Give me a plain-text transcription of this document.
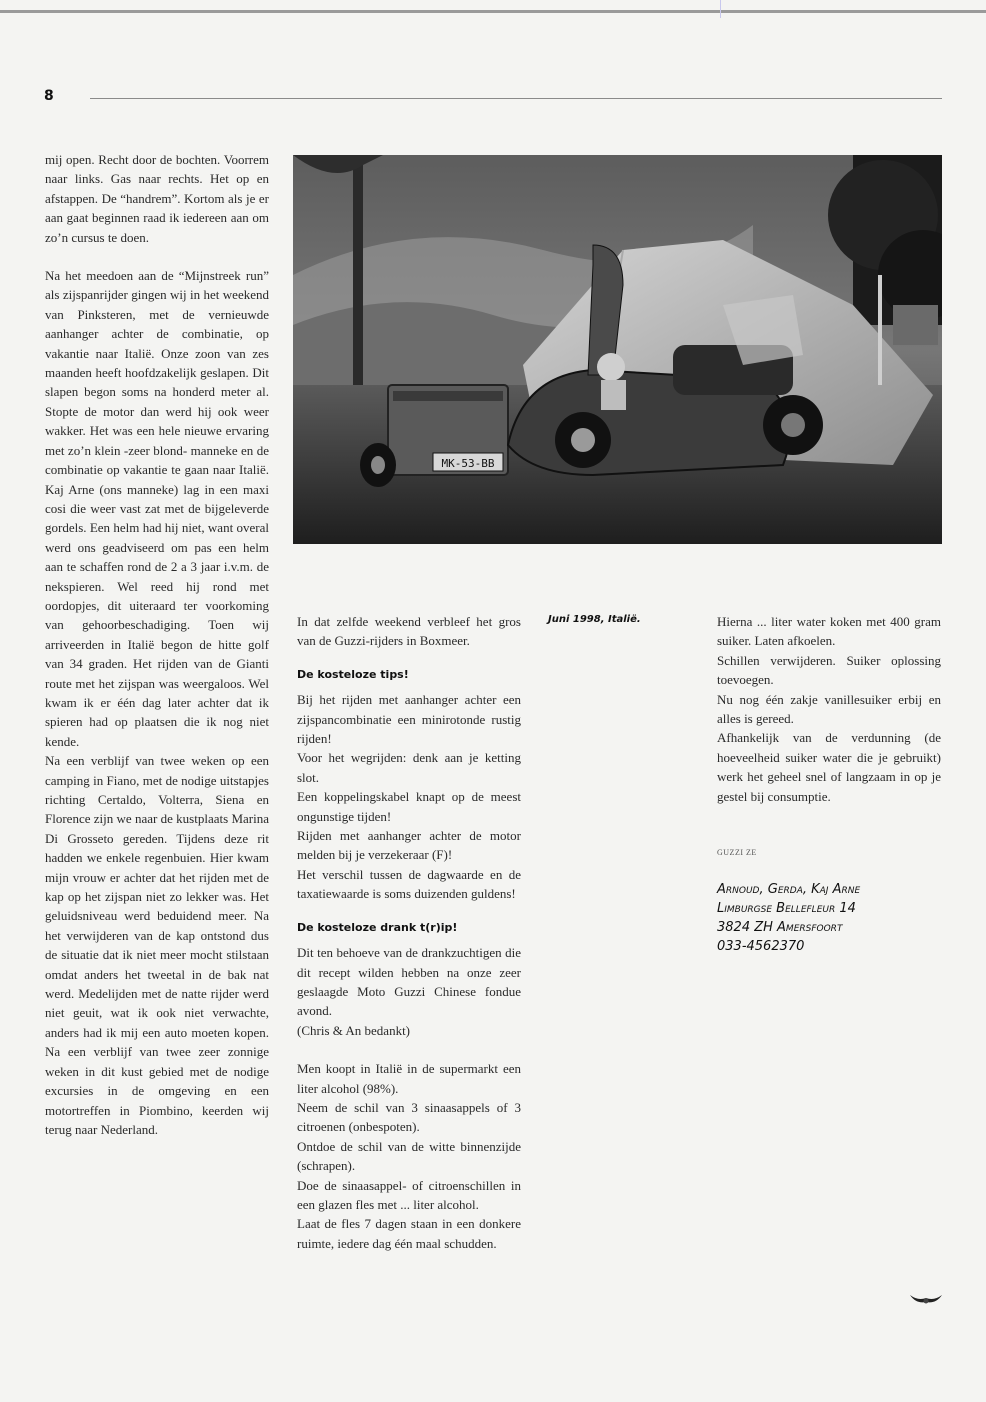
8

mij open. Recht door de bochten. Voorrem naar links. Gas naar rechts. Het op en afstappen. De “handrem”. Kortom als je er aan gaat beginnen raad ik iedereen aan om zo’n cursus te doen.

Na het meedoen aan de “Mijnstreek run” als zijspanrijder gingen wij in het weekend van Pinksteren, met de vernieuwde aanhanger achter de combinatie, op vakantie naar Italië. Onze zoon van zes maanden heeft hoofdzakelijk geslapen. Dit slapen begon soms na honderd meter al. Stopte de motor dan werd hij ook weer wakker. Het was een hele nieuwe ervaring met zo’n klein -zeer blond- manneke en de combinatie op vakantie te gaan naar Italië. Kaj Arne (ons manneke) lag in een maxi cosi die weer vast zat met de bijgeleverde gordels. Een helm had hij niet, want overal werd ons geadviseerd om pas een helm aan te schaffen rond de 2 a 3 jaar i.v.m. de nekspieren. Wel reed hij rond met oordopjes, dit uiteraard ter voorkoming van gehoorbeschadiging. Toen wij arriveerden in Italië begon de hitte golf van 34 graden. Het rijden van de Gianti route met het zijspan was weergaloos. Wel kwam ik er één dag later achter dat ik spieren had op plaatsen die ik nog niet kende.

Na een verblijf van twee weken op een camping in Fiano, met de nodige uitstapjes richting Certaldo, Volterra, Siena en Florence zijn we naar de kustplaats Marina Di Grosseto gereden. Tijdens deze rit hadden we enkele regenbuien. Hier kwam mijn vrouw er achter dat het rijden met de kap op het zijspan niet zo lekker was. Het geluidsniveau werd beduidend meer. Na het verwijderen van de kap ontstond dus de situatie dat ik niet meer mocht stilstaan omdat anders het tweetal in de bak nat werd. Medelijden met de natte rijder werd niet geuit, wat ik ook niet verwachte, anders had ik mij een auto moeten kopen. Na een verblijf van twee zeer zonnige weken in dit kust gebied met de nodige excursies in de omgeving en een motortreffen in Piombino, keerden wij terug naar Nederland.

MK-53-BB
Juni 1998, Italië.

In dat zelfde weekend verbleef het gros van de Guzzi-rijders in Boxmeer.

De kosteloze tips!

Bij het rijden met aanhanger achter een zijspancombinatie een minirotonde rustig rijden!

Voor het wegrijden: denk aan je ketting slot.

Een koppelingskabel knapt op de meest ongunstige tijden!

Rijden met aanhanger achter de motor melden bij je verzekeraar (F)!

Het verschil tussen de dagwaarde en de taxatiewaarde is soms duizenden guldens!

De kosteloze drank t(r)ip!

Dit ten behoeve van de drankzuchtigen die dit recept wilden hebben na onze zeer geslaagde Moto Guzzi Chinese fondue avond.

(Chris & An bedankt)

Men koopt in Italië in de supermarkt een liter alcohol (98%).

Neem de schil van 3 sinaasappels of 3 citroenen (onbespoten).

Ontdoe de schil van de witte binnenzijde (schrapen).

Doe de sinaasappel- of citroenschillen in een glazen fles met ... liter alcohol.

Laat de fles 7 dagen staan in een donkere ruimte, iedere dag één maal schudden.

Hierna ... liter water koken met 400 gram suiker. Laten afkoelen.

Schillen verwijderen. Suiker oplossing toevoegen.

Nu nog één zakje vanillesuiker erbij en alles is gereed.

Afhankelijk van de verdunning (de hoeveelheid suiker water die je gebruikt) werk het geheel snel of langzaam in op je gestel bij consumptie.

GUZZI ZE
Arnoud, Gerda, Kaj Arne
Limburgse Bellefleur 14
3824 ZH Amersfoort
033-4562370
